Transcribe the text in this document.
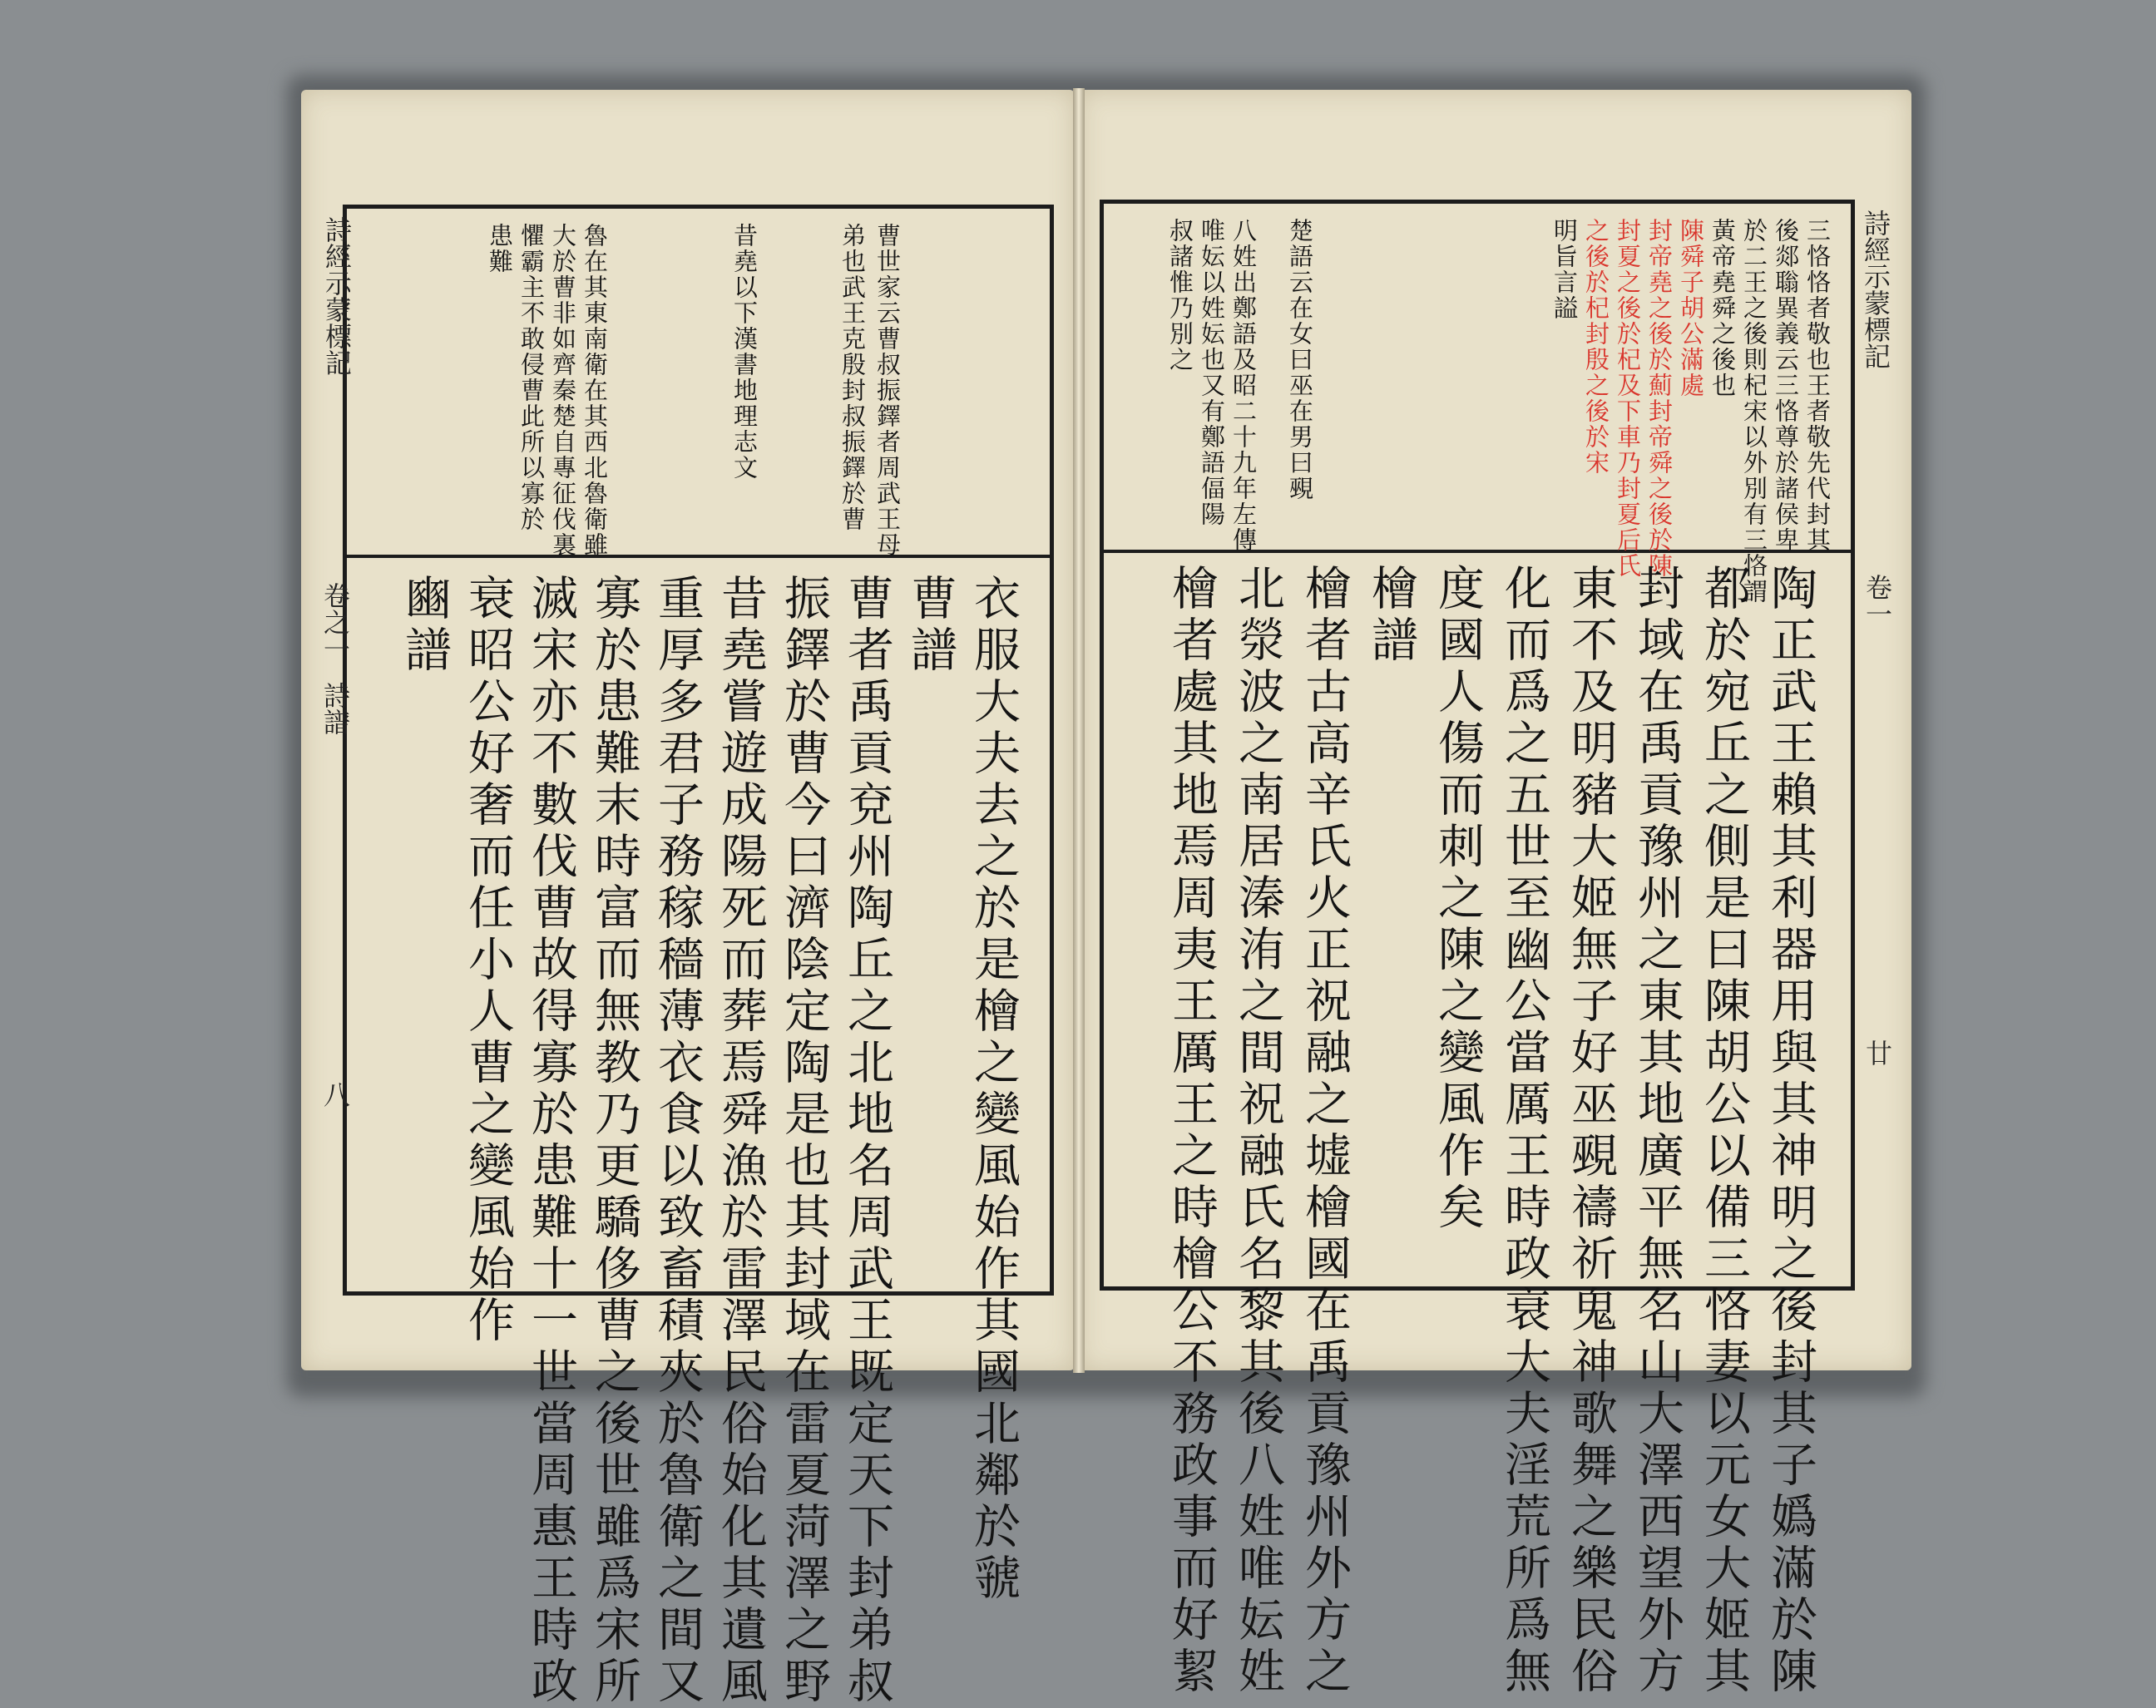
詩經示蒙標記
卷之一
詩譜
八
曹世家云曹叔振鐸者周武王母
弟也武王克殷封叔振鐸於曹
昔堯以下漢書地理志文
魯在其東南衛在其西北魯衛雖
大於曹非如齊秦楚自專征伐裏
懼霸主不敢侵曹此所以寡於
患難
衣服大夫去之於是檜之變風始作其國北鄰於虢
曹譜
曹者禹貢兗州陶丘之北地名周武王既定天下封弟叔
振鐸於曹今曰濟陰定陶是也其封域在雷夏菏澤之野
昔堯嘗遊成陽死而葬焉舜漁於雷澤民俗始化其遺風
重厚多君子務稼穡薄衣食以致畜積夾於魯衛之間又
寡於患難末時富而無教乃更驕侈曹之後世雖爲宋所
滅宋亦不數伐曹故得寡於患難十一世當周惠王時政
衰昭公好奢而任小人曹之變風始作
豳譜
詩經示蒙標記
卷一
廿
三恪恪者敬也王者敬先代封其
後郯聬異義云三恪尊於諸侯卑
於二王之後則杞宋以外別有三恪謂
黃帝堯舜之後也
陳舜子胡公滿處
封帝堯之後於薊封帝舜之後於陳
封夏之後於杞及下車乃封夏后氏
之後於杞封殷之後於宋
明旨言謚
楚語云在女曰巫在男曰覡
八姓出鄭語及昭二十九年左傳
唯妘以姓妘也又有鄭語偪陽
叔諸惟乃別之
陶正武王賴其利器用與其神明之後封其子嬀滿於陳
都於宛丘之側是曰陳胡公以備三恪妻以元女大姬其
封域在禹貢豫州之東其地廣平無名山大澤西望外方
東不及明豬大姬無子好巫覡禱祈鬼神歌舞之樂民俗
化而爲之五世至幽公當厲王時政衰大夫淫荒所爲無
度國人傷而刺之陳之變風作矣
檜譜
檜者古高辛氏火正祝融之墟檜國在禹貢豫州外方之
北滎波之南居溱洧之間祝融氏名黎其後八姓唯妘姓
檜者處其地焉周夷王厲王之時檜公不務政事而好絜
